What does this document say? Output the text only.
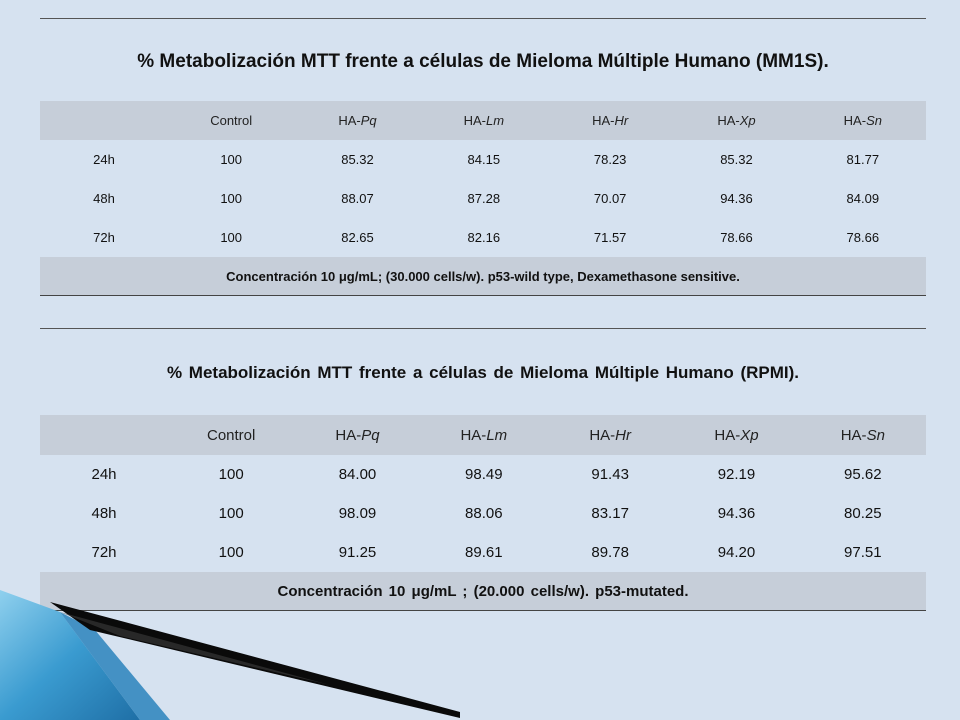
% Metabolización MTT frente a células de Mieloma Múltiple Humano (MM1S).
	Control	HA-Pq	HA-Lm	HA-Hr	HA-Xp	HA-Sn
24h	100	85.32	84.15	78.23	85.32	81.77
48h	100	88.07	87.28	70.07	94.36	84.09
72h	100	82.65	82.16	71.57	78.66	78.66
Concentración 10 μg/mL; (30.000 cells/w). p53-wild type, Dexamethasone sensitive.						
% Metabolización MTT frente a células de Mieloma Múltiple Humano (RPMI).
	Control	HA-Pq	HA-Lm	HA-Hr	HA-Xp	HA-Sn
24h	100	84.00	98.49	91.43	92.19	95.62
48h	100	98.09	88.06	83.17	94.36	80.25
72h	100	91.25	89.61	89.78	94.20	97.51
Concentración 10 μg/mL ; (20.000 cells/w). p53-mutated.						
